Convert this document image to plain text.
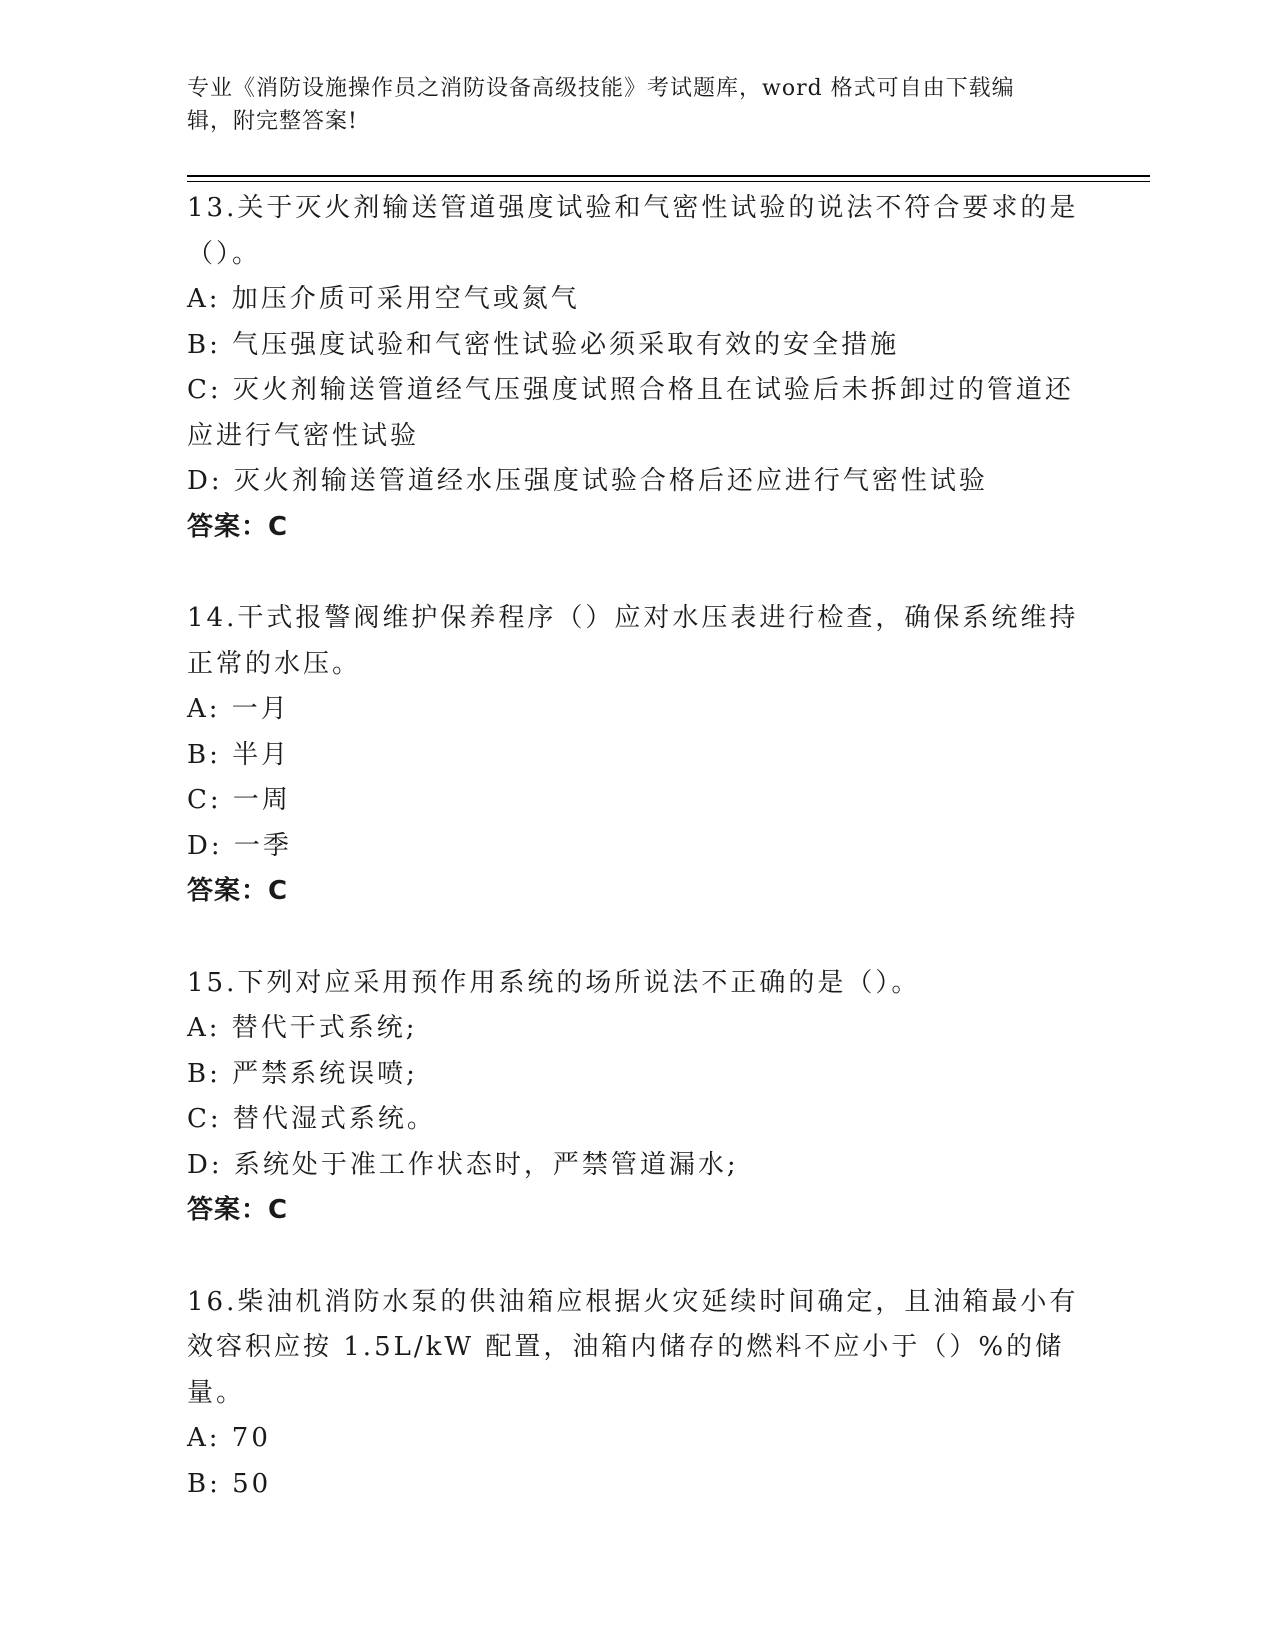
专业《消防设施操作员之消防设备高级技能》考试题库，word 格式可自由下载编
辑，附完整答案!
13.关于灭火剂输送管道强度试验和气密性试验的说法不符合要求的是
（）。
A: 加压介质可采用空气或氮气
B: 气压强度试验和气密性试验必须采取有效的安全措施
C: 灭火剂输送管道经气压强度试照合格且在试验后未拆卸过的管道还
应进行气密性试验
D: 灭火剂输送管道经水压强度试验合格后还应进行气密性试验
答案：C
14.干式报警阀维护保养程序（）应对水压表进行检查，确保系统维持
正常的水压。
A: 一月
B: 半月
C: 一周
D: 一季
答案：C
15.下列对应采用预作用系统的场所说法不正确的是（）。
A: 替代干式系统;
B: 严禁系统误喷;
C: 替代湿式系统。
D: 系统处于准工作状态时，严禁管道漏水;
答案：C
16.柴油机消防水泵的供油箱应根据火灾延续时间确定，且油箱最小有
效容积应按 1.5L/kW 配置，油箱内储存的燃料不应小于（）%的储量。
A: 70
B: 50
